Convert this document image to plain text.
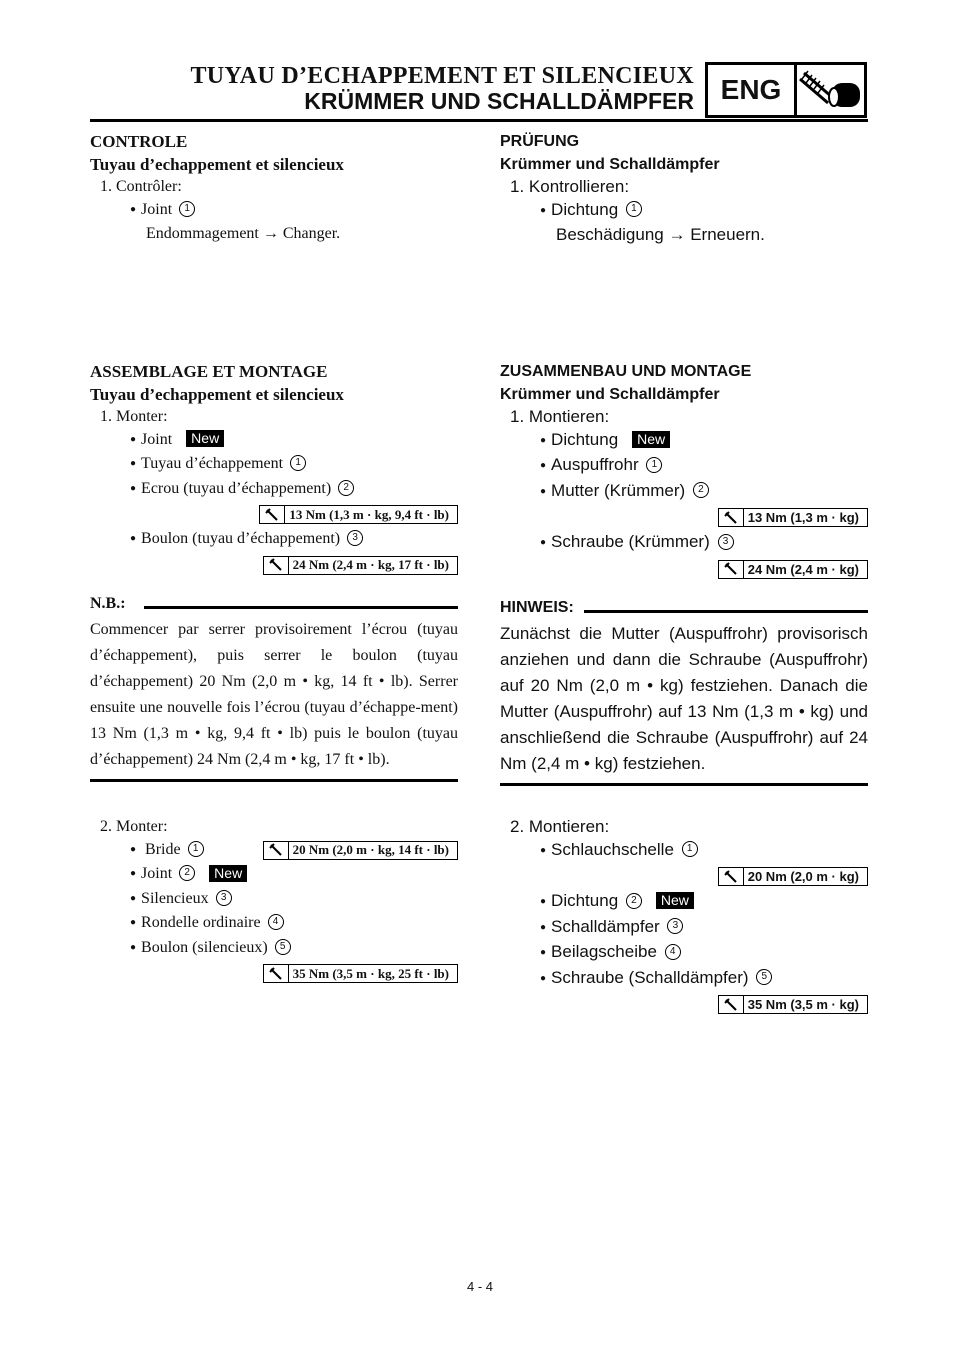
TUYAU D’ECHAPPEMENT ET SILENCIEUX
KRÜMMER UND SCHALLDÄMPFER ENG
CONTROLE
Tuyau d’echappement et silencieux
1. Contrôler:
● Joint 1
Endommagement → Changer.
PRÜFUNG
Krümmer und Schalldämpfer
1. Kontrollieren:
● Dichtung 1
Beschädigung → Erneuern.
ASSEMBLAGE ET MONTAGE
Tuyau d’echappement et silencieux
1. Monter:
● Joint New
● Tuyau d’échappement 1
● Ecrou (tuyau d’échappement) 2
13 Nm (1,3 m · kg, 9,4 ft · lb)
● Boulon (tuyau d’échappement) 3
24 Nm (2,4 m · kg, 17 ft · lb)
N.B.:
Commencer par serrer provisoirement l’écrou (tuyau d’échappement), puis serrer le boulon (tuyau d’échappement) 20 Nm (2,0 m • kg, 14 ft • lb). Serrer ensuite une nouvelle fois l’écrou (tuyau d’échappe-ment) 13 Nm (1,3 m • kg, 9,4 ft • lb) puis le boulon (tuyau d’échappement) 24 Nm (2,4 m • kg, 17 ft • lb).
ZUSAMMENBAU UND MONTAGE
Krümmer und Schalldämpfer
1. Montieren:
● Dichtung New
● Auspuffrohr 1
● Mutter (Krümmer) 2
13 Nm (1,3 m · kg)
● Schraube (Krümmer) 3
24 Nm (2,4 m · kg)
HINWEIS:
Zunächst die Mutter (Auspuffrohr) provisorisch anziehen und dann die Schraube (Auspuffrohr) auf 20 Nm (2,0 m • kg) festziehen. Danach die Mutter (Auspuffrohr) auf 13 Nm (1,3 m • kg) und anschließend die Schraube (Auspuffrohr) auf 24 Nm (2,4 m • kg) festziehen.
2. Monter:
● Bride 1	20 Nm (2,0 m · kg, 14 ft · lb)
● Joint 2 New
● Silencieux 3
● Rondelle ordinaire 4
● Boulon (silencieux) 5
35 Nm (3,5 m · kg, 25 ft · lb)
2. Montieren:
● Schlauchschelle 1
20 Nm (2,0 m · kg)
● Dichtung 2 New
● Schalldämpfer 3
● Beilagscheibe 4
● Schraube (Schalldämpfer) 5
35 Nm (3,5 m · kg)
4 - 4
